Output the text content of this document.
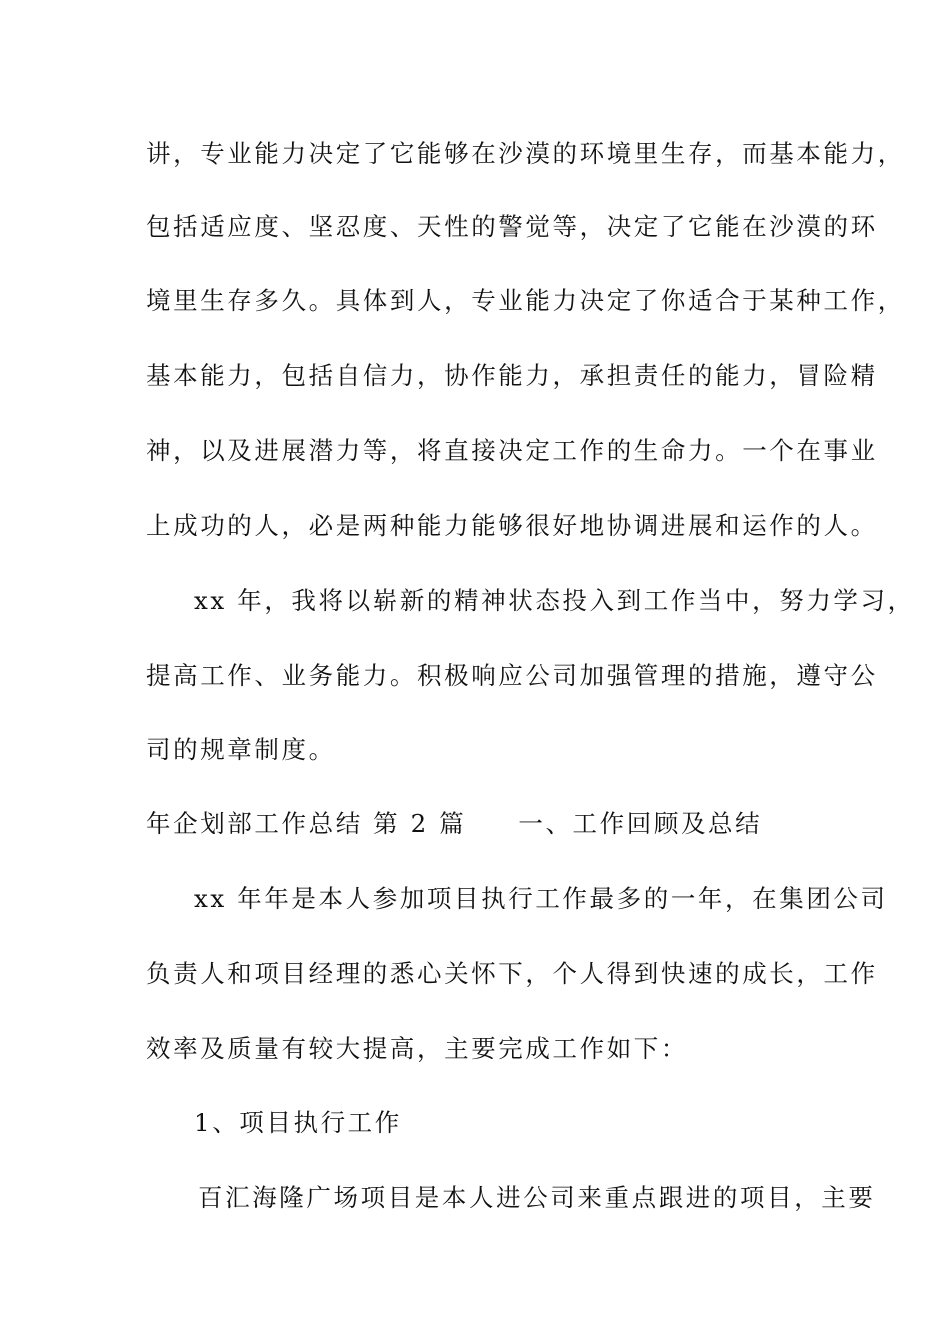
讲，专业能力决定了它能够在沙漠的环境里生存，而基本能力，
包括适应度、坚忍度、天性的警觉等，决定了它能在沙漠的环
境里生存多久。具体到人，专业能力决定了你适合于某种工作，
基本能力，包括自信力，协作能力，承担责任的能力，冒险精
神，以及进展潜力等，将直接决定工作的生命力。一个在事业
上成功的人，必是两种能力能够很好地协调进展和运作的人。
xx 年，我将以崭新的精神状态投入到工作当中，努力学习，
提高工作、业务能力。积极响应公司加强管理的措施，遵守公
司的规章制度。
年企划部工作总结 第 2 篇 一、工作回顾及总结
xx 年年是本人参加项目执行工作最多的一年，在集团公司
负责人和项目经理的悉心关怀下，个人得到快速的成长，工作
效率及质量有较大提高，主要完成工作如下：
1、项目执行工作
百汇海隆广场项目是本人进公司来重点跟进的项目，主要
